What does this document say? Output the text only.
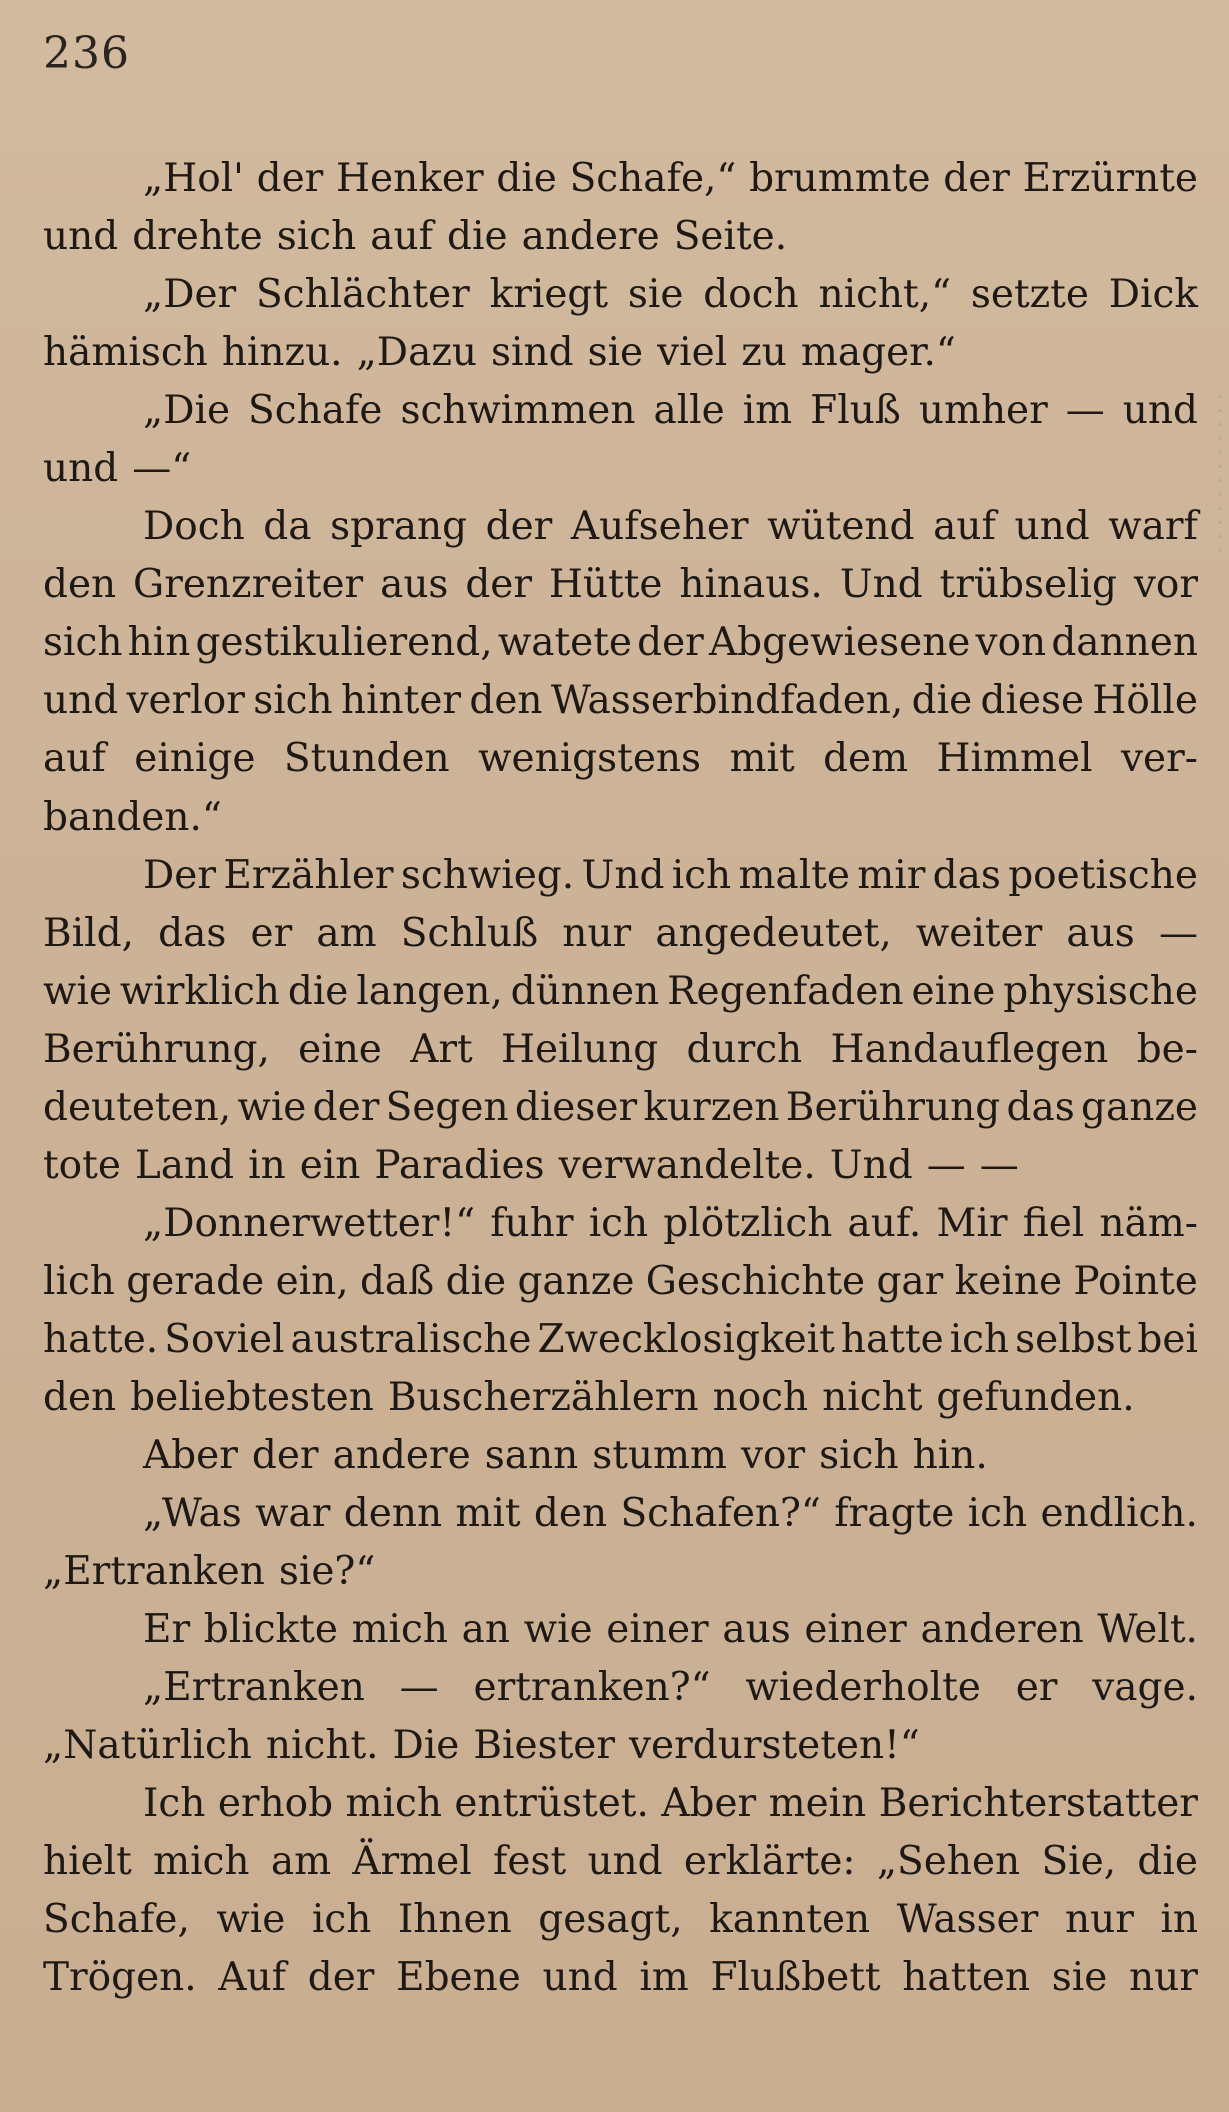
236
„Hol' der Henker die Schafe,“ brummte der Erzürnte
und drehte sich auf die andere Seite.
„Der Schlächter kriegt sie doch nicht,“ setzte Dick
hämisch hinzu. „Dazu sind sie viel zu mager.“
„Die Schafe schwimmen alle im Fluß umher — und
und —“
Doch da sprang der Aufseher wütend auf und warf
den Grenzreiter aus der Hütte hinaus. Und trübselig vor
sich hin gestikulierend, watete der Abgewiesene von dannen
und verlor sich hinter den Wasserbindfaden, die diese Hölle
auf einige Stunden wenigstens mit dem Himmel ver-
banden.“
Der Erzähler schwieg. Und ich malte mir das poetische
Bild, das er am Schluß nur angedeutet, weiter aus —
wie wirklich die langen, dünnen Regenfaden eine physische
Berührung, eine Art Heilung durch Handauflegen be-
deuteten, wie der Segen dieser kurzen Berührung das ganze
tote Land in ein Paradies verwandelte. Und — —
„Donnerwetter!“ fuhr ich plötzlich auf. Mir fiel näm-
lich gerade ein, daß die ganze Geschichte gar keine Pointe
hatte. Soviel australische Zwecklosigkeit hatte ich selbst bei
den beliebtesten Buscherzählern noch nicht gefunden.
Aber der andere sann stumm vor sich hin.
„Was war denn mit den Schafen?“ fragte ich endlich.
„Ertranken sie?“
Er blickte mich an wie einer aus einer anderen Welt.
„Ertranken — ertranken?“ wiederholte er vage.
„Natürlich nicht. Die Biester verdursteten!“
Ich erhob mich entrüstet. Aber mein Berichterstatter
hielt mich am Ärmel fest und erklärte: „Sehen Sie, die
Schafe, wie ich Ihnen gesagt, kannten Wasser nur in
Trögen. Auf der Ebene und im Flußbett hatten sie nur
